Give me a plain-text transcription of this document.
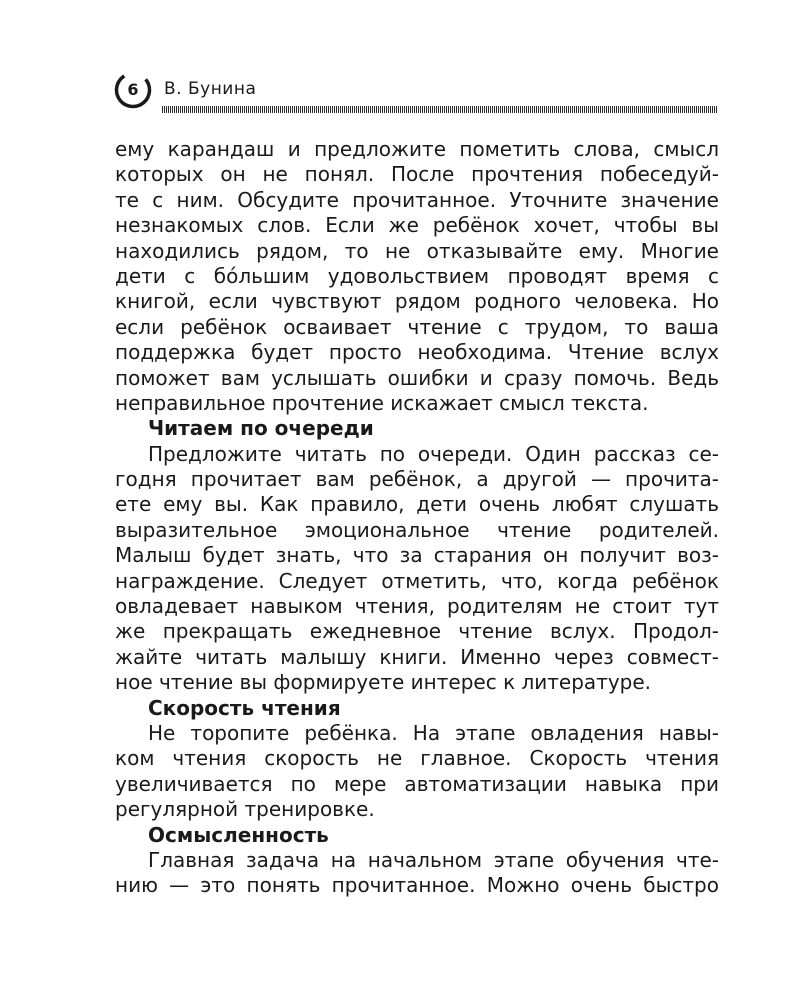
6	В. Бунина
ему карандаш и предложите пометить слова, смысл
которых он не понял. После прочтения побеседуй-
те с ним. Обсудите прочитанное. Уточните значение
незнакомых слов. Если же ребёнок хочет, чтобы вы
находились рядом, то не отказывайте ему. Многие
дети с бóльшим удовольствием проводят время с
книгой, если чувствуют рядом родного человека. Но
если ребёнок осваивает чтение с трудом, то ваша
поддержка будет просто необходима. Чтение вслух
поможет вам услышать ошибки и сразу помочь. Ведь
неправильное прочтение искажает смысл текста.
Читаем по очереди
Предложите читать по очереди. Один рассказ се-
годня прочитает вам ребёнок, а другой — прочита-
ете ему вы. Как правило, дети очень любят слушать
выразительное эмоциональное чтение родителей.
Малыш будет знать, что за старания он получит воз-
награждение. Следует отметить, что, когда ребёнок
овладевает навыком чтения, родителям не стоит тут
же прекращать ежедневное чтение вслух. Продол-
жайте читать малышу книги. Именно через совмест-
ное чтение вы формируете интерес к литературе.
Скорость чтения
Не торопите ребёнка. На этапе овладения навы-
ком чтения скорость не главное. Скорость чтения
увеличивается по мере автоматизации навыка при
регулярной тренировке.
Осмысленность
Главная задача на начальном этапе обучения чте-
нию — это понять прочитанное. Можно очень быстро
